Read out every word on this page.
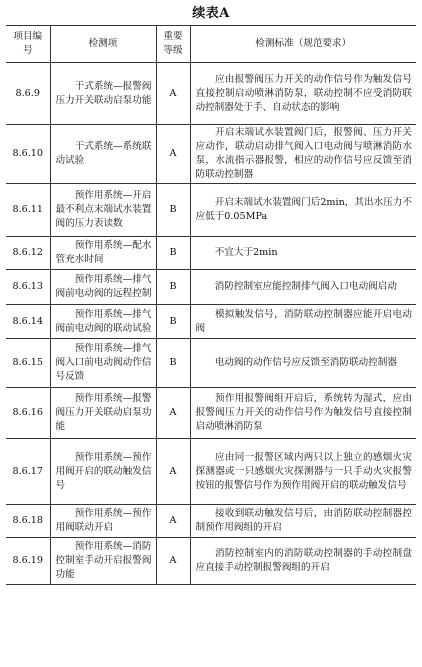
续表A
项目编号	检测项	重要等级	检测标准（规范要求）
8.6.9	干式系统—报警阀压力开关联动启泵功能	A	应由报警阀压力开关的动作信号作为触发信号直接控制启动喷淋消防泵，联动控制不应受消防联动控制器处于手、自动状态的影响
8.6.10	干式系统—系统联动试验	A	开启末端试水装置阀门后，报警阀、压力开关应动作，联动启动排气阀入口电动阀与喷淋消防水泵，水流指示器报警，相应的动作信号应反馈至消防联动控制器
8.6.11	预作用系统—开启最不利点末端试水装置阀的压力表读数	B	开启末端试水装置阀门后2min，其出水压力不应低于0.05MPa
8.6.12	预作用系统—配水管充水时间	B	不宜大于2min
8.6.13	预作用系统—排气阀前电动阀的远程控制	B	消防控制室应能控制排气阀入口电动阀启动
8.6.14	预作用系统—排气阀前电动阀的联动试验	B	模拟触发信号，消防联动控制器应能开启电动阀
8.6.15	预作用系统—排气阀入口前电动阀动作信号反馈	B	电动阀的动作信号应反馈至消防联动控制器
8.6.16	预作用系统—报警阀压力开关联动启泵功能	A	预作用报警阀组开启后，系统转为湿式，应由报警阀压力开关的动作信号作为触发信号直接控制启动喷淋消防泵
8.6.17	预作用系统—预作用阀开启的联动触发信号	A	应由同一报警区域内两只以上独立的感烟火灾探测器或一只感烟火灾探测器与一只手动火灾报警按钮的报警信号作为预作用阀开启的联动触发信号
8.6.18	预作用系统—预作用阀联动开启	A	接收到联动触发信号后，由消防联动控制器控制预作用阀组的开启
8.6.19	预作用系统—消防控制室手动开启报警阀功能	A	消防控制室内的消防联动控制器的手动控制盘应直接手动控制报警阀组的开启
